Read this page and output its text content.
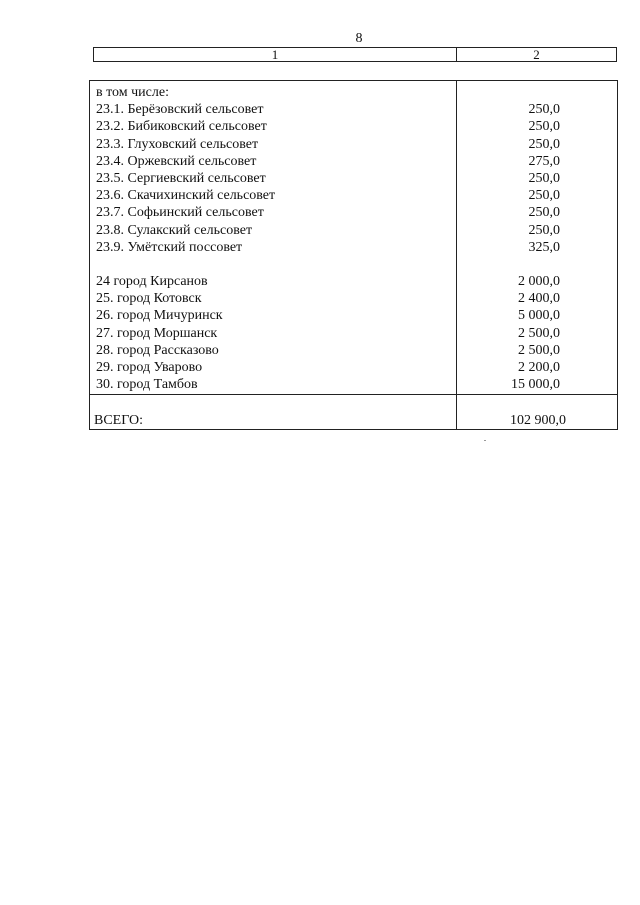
8
1	2
в том числе:
23.1. Берёзовский сельсовет	250,0
23.2. Бибиковский сельсовет	250,0
23.3. Глуховский сельсовет	250,0
23.4. Оржевский сельсовет	275,0
23.5. Сергиевский сельсовет	250,0
23.6. Скачихинский сельсовет	250,0
23.7. Софьинский сельсовет	250,0
23.8. Сулакский сельсовет	250,0
23.9. Умётский поссовет	325,0
24 город Кирсанов	2 000,0
25. город Котовск	2 400,0
26. город Мичуринск	5 000,0
27. город Моршанск	2 500,0
28. город Рассказово	2 500,0
29. город Уварово	2 200,0
30. город Тамбов	15 000,0
ВСЕГО:	102 900,0
